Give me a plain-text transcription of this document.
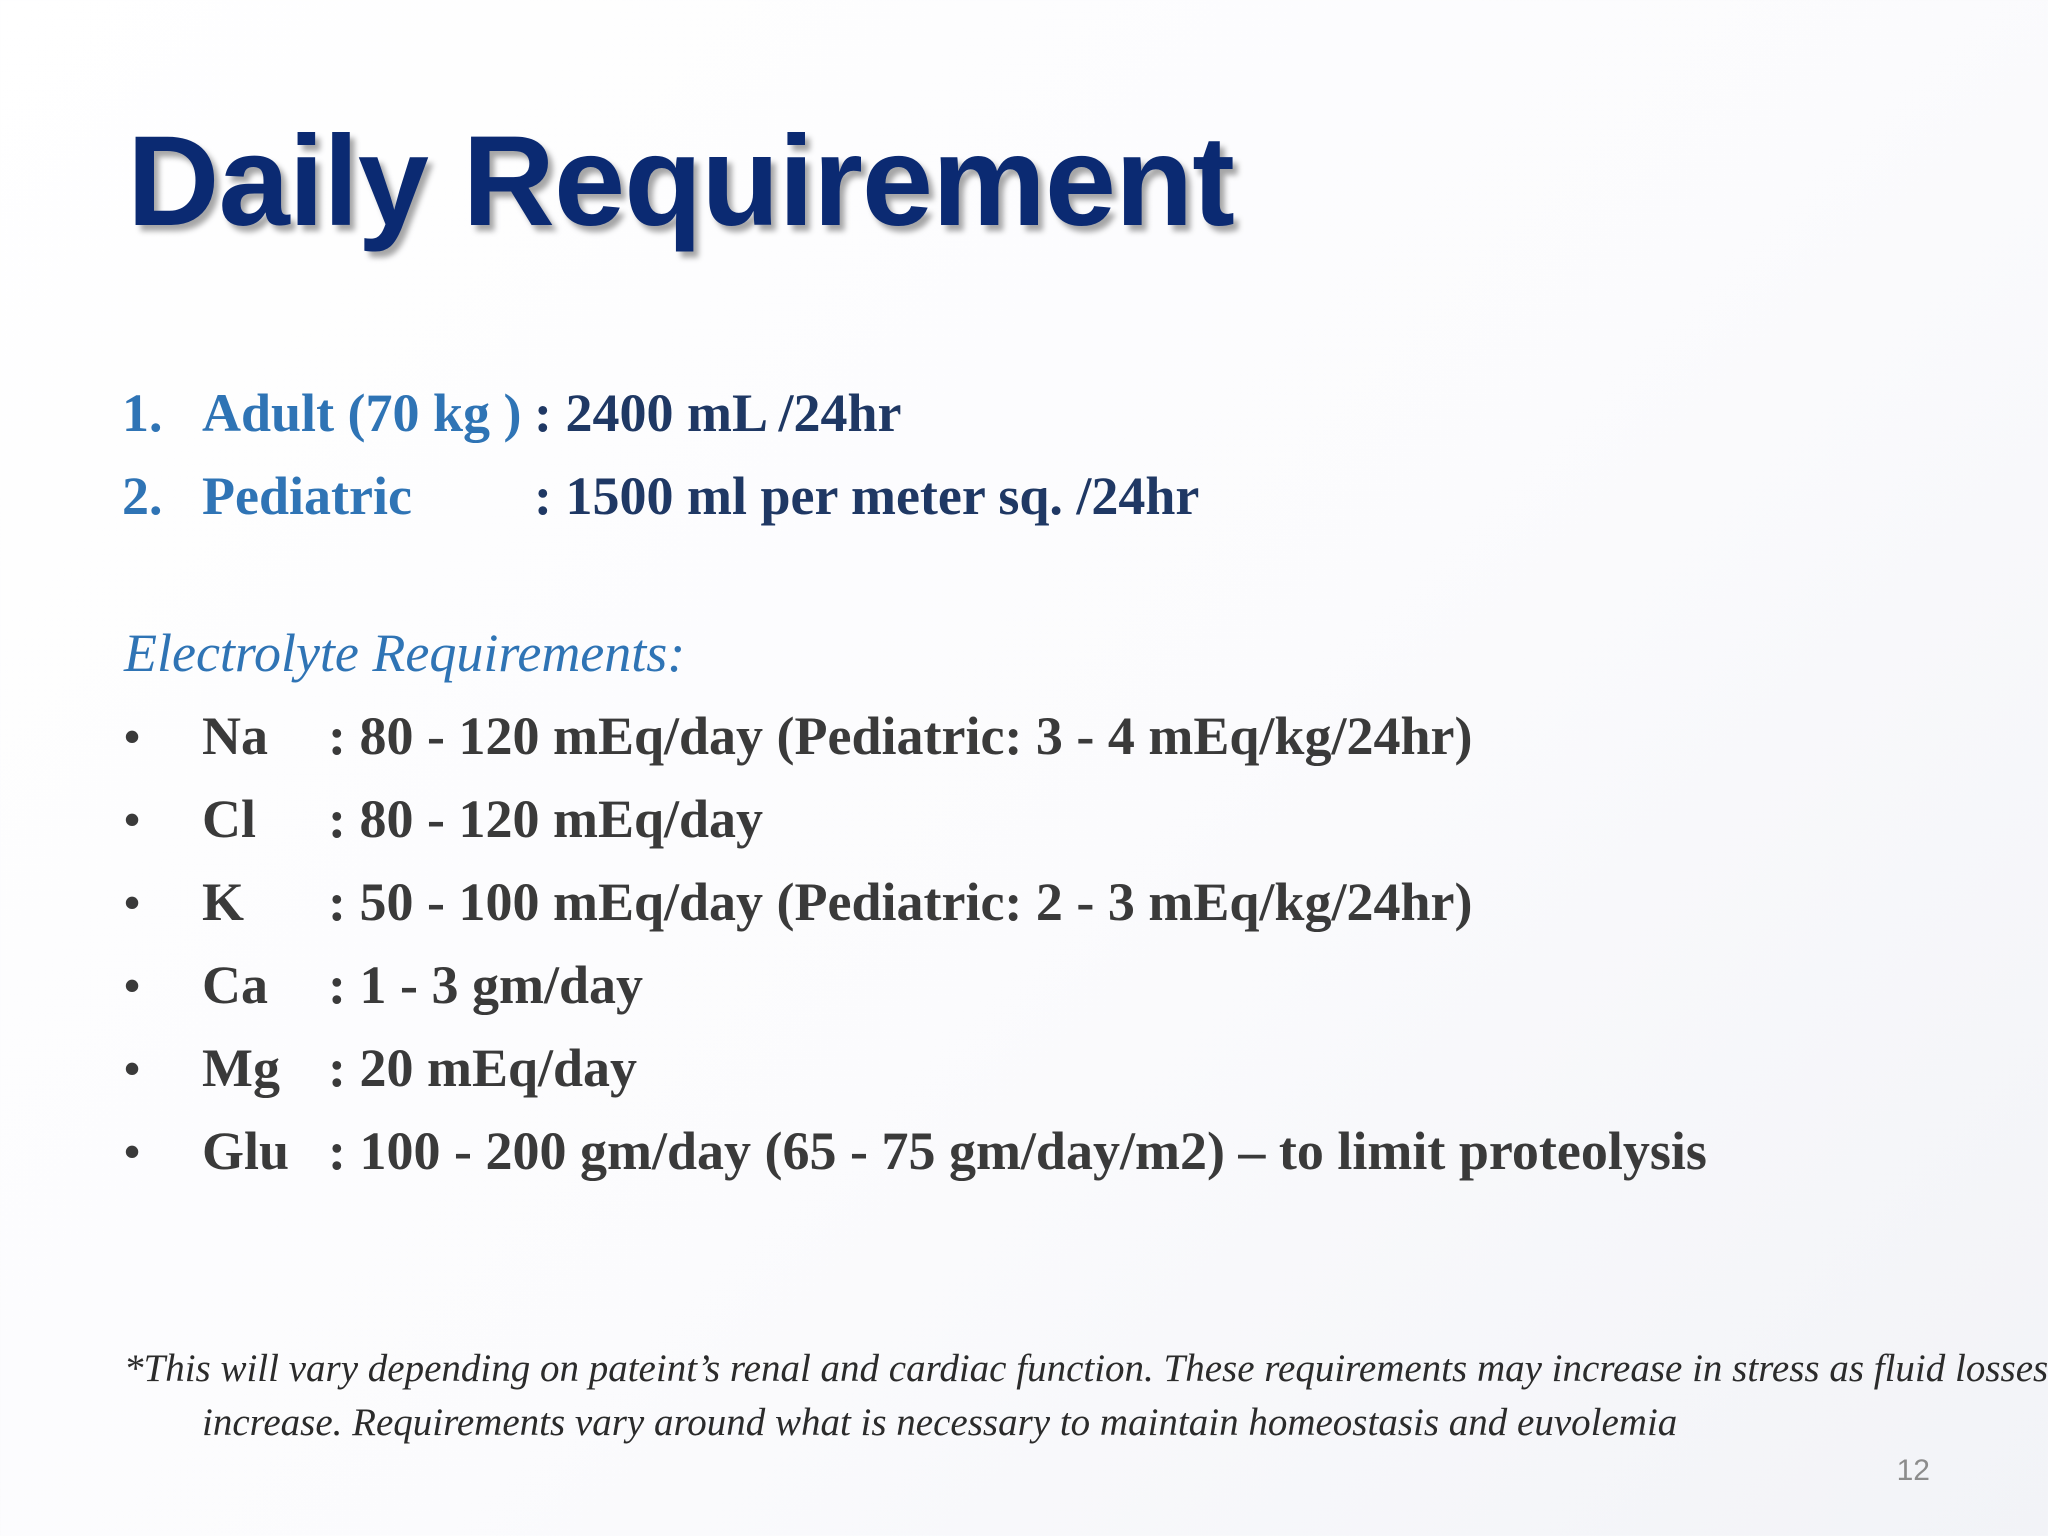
Daily Requirement
1. Adult (70 kg ) : 2400 mL /24hr
2. Pediatric : 1500 ml per meter sq. /24hr
Electrolyte Requirements:
• Na : 80 - 120 mEq/day (Pediatric: 3 - 4 mEq/kg/24hr)
• Cl : 80 - 120 mEq/day
• K : 50 - 100 mEq/day (Pediatric: 2 - 3 mEq/kg/24hr)
• Ca : 1 - 3 gm/day
• Mg : 20 mEq/day
• Glu : 100 - 200 gm/day (65 - 75 gm/day/m2) – to limit proteolysis

*This will vary depending on pateint’s renal and cardiac function. These requirements may increase in stress as fluid losses increase. Requirements vary around what is necessary to maintain homeostasis and euvolemia

12
